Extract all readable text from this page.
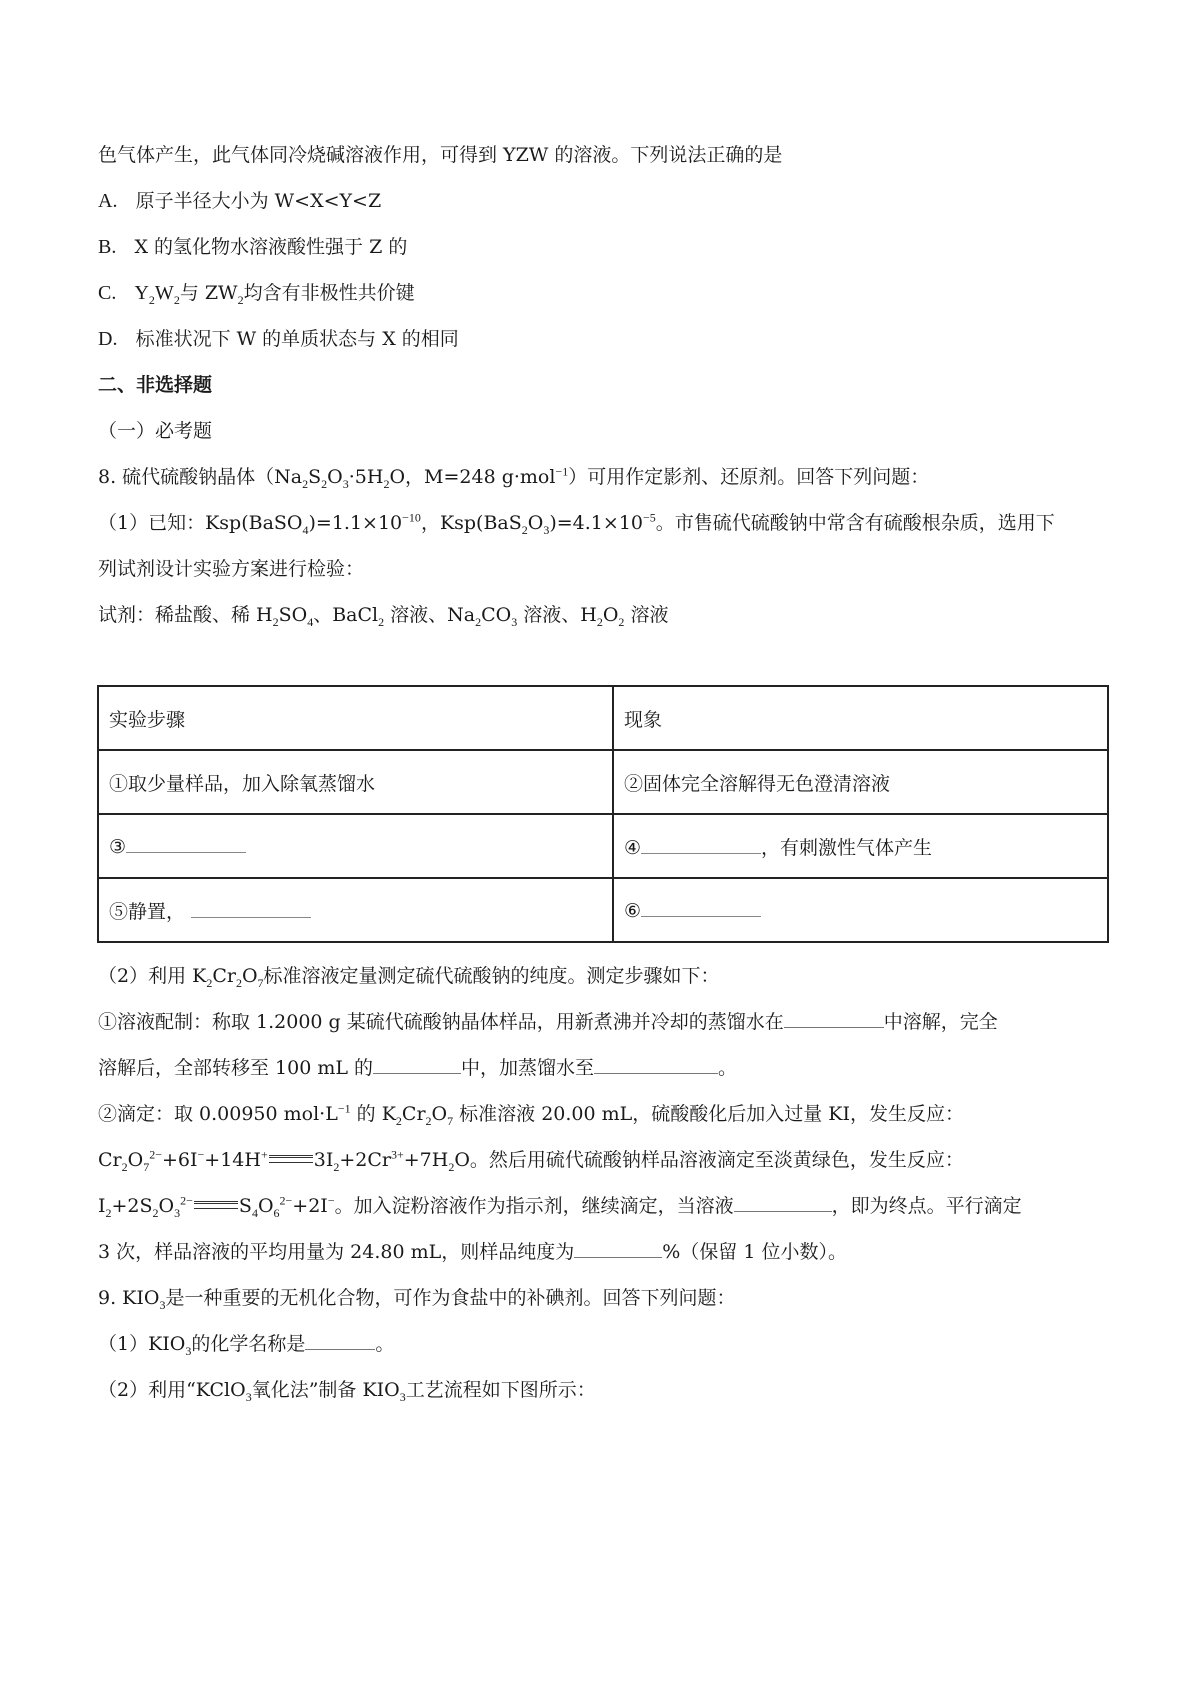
色气体产生，此气体同冷烧碱溶液作用，可得到 YZW 的溶液。下列说法正确的是
A. 原子半径大小为 W<X<Y<Z
B. X 的氢化物水溶液酸性强于 Z 的
C. $Y_2W_2$与 $ZW_2$均含有非极性共价键
D. 标准状况下 W 的单质状态与 X 的相同
二、非选择题
（一）必考题
8. 硫代硫酸钠晶体（$Na_2S_2O_3\cdot 5H_2O$，M=248 g·mol$^{-1}$）可用作定影剂、还原剂。回答下列问题：
（1）已知：$Ksp(BaSO_4)=1.1\times 10^{-10}$，$Ksp(BaS_2O_3)=4.1\times 10^{-5}$。市售硫代硫酸钠中常含有硫酸根杂质，选用下
列试剂设计实验方案进行检验：
试剂：稀盐酸、稀 $H_2SO_4$、BaCl$_2$ 溶液、$Na_2CO_3$ 溶液、$H_2O_2$ 溶液
实验步骤	现象
①取少量样品，加入除氧蒸馏水	②固体完全溶解得无色澄清溶液
③	④ ，有刺激性气体产生
⑤静置，	⑥
（2）利用 $K_2Cr_2O_7$标准溶液定量测定硫代硫酸钠的纯度。测定步骤如下：
①溶液配制：称取 1.2000 g 某硫代硫酸钠晶体样品，用新煮沸并冷却的蒸馏水在	中溶解，完全
溶解后，全部转移至 100 mL 的	中，加蒸馏水至	。
②滴定：取 0.00950 $mol\cdot L^{-1}$ 的 $K_2Cr_2O_7$ 标准溶液 20.00 mL，硫酸酸化后加入过量 KI，发生反应：
$Cr_2O_7^{2-}+6I^-+14H^+$ $3I_2+2Cr^{3+}+7H_2O$。然后用硫代硫酸钠样品溶液滴定至淡黄绿色，发生反应：
$I_2+2S_2O_3^{2-}$ $S_4O_6^{2-}+2I^-$。加入淀粉溶液作为指示剂，继续滴定，当溶液	，即为终点。平行滴定
3 次，样品溶液的平均用量为 24.80 mL，则样品纯度为	%（保留 1 位小数）。
9. $KIO_3$是一种重要的无机化合物，可作为食盐中的补碘剂。回答下列问题：
$(1)KIO_3$的化学名称是	。
（2）利用“KClO$_3$氧化法”制备 $KIO_3$工艺流程如下图所示：
